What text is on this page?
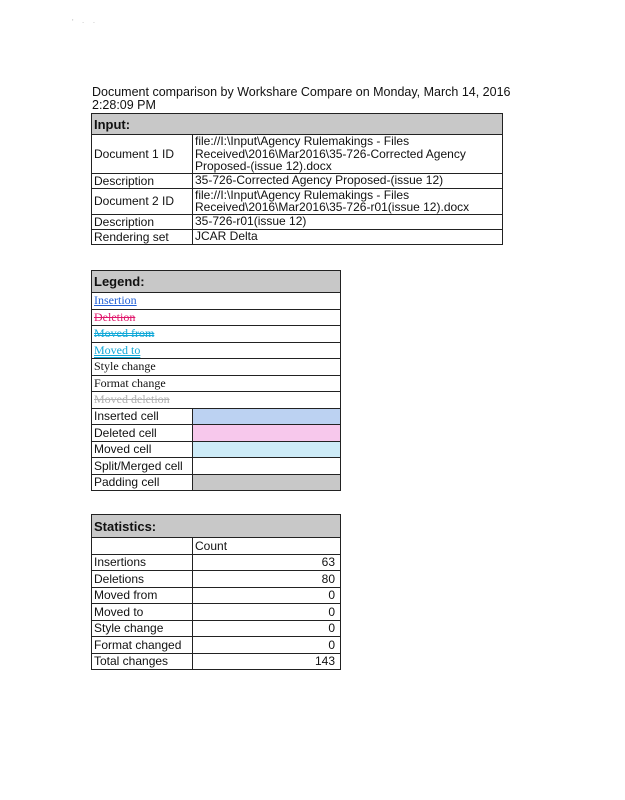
' · ·
Document comparison by Workshare Compare on Monday, March 14, 2016
2:28:09 PM
Input:	
Document 1 ID	file://I:\Input\Agency Rulemakings - Files
Received\2016\Mar2016\35-726-Corrected Agency
Proposed-(issue 12).docx

Description	35-726-Corrected Agency Proposed-(issue 12)
Document 2 ID	file://I:\Input\Agency Rulemakings - Files
Received\2016\Mar2016\35-726-r01(issue 12).docx

Description	35-726-r01(issue 12)
Rendering set	JCAR Delta
Legend:	
Insertion	
Deletion	
Moved from	
Moved to	
Style change	
Format change	
Moved deletion	
Inserted cell	
Deleted cell	
Moved cell	
Split/Merged cell	
Padding cell	
Statistics:	
	Count
Insertions	63
Deletions	80
Moved from	0
Moved to	0
Style change	0
Format changed	0
Total changes	143
